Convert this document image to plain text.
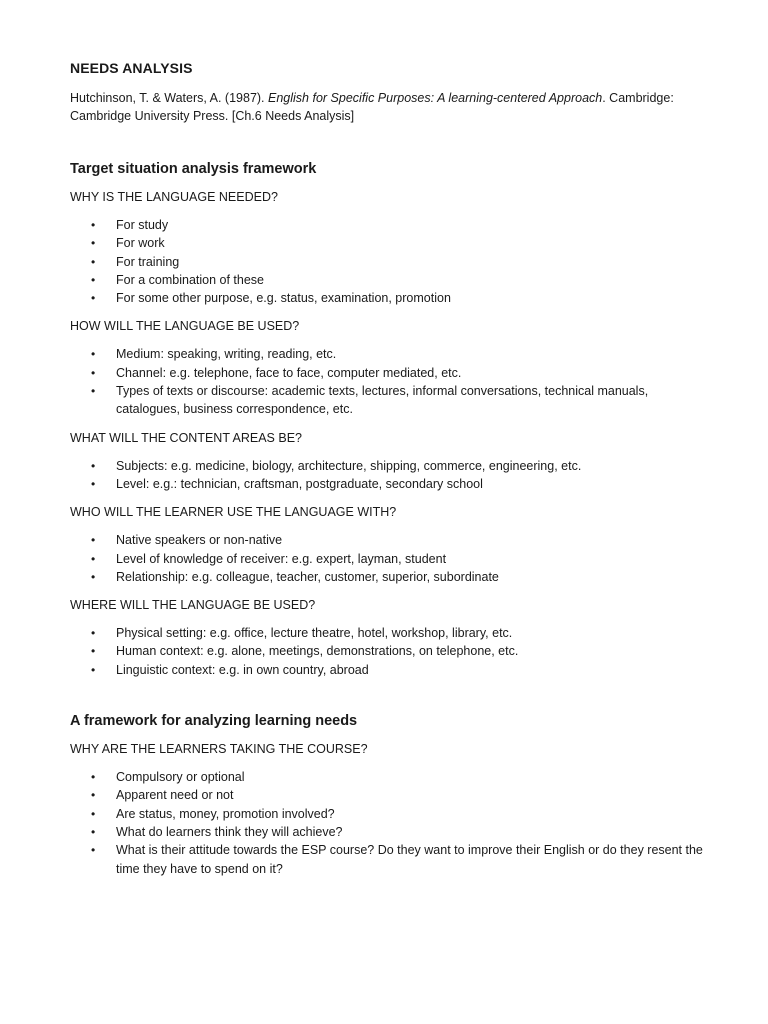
NEEDS ANALYSIS
Hutchinson, T. & Waters, A. (1987). English for Specific Purposes: A learning-centered Approach. Cambridge: Cambridge University Press. [Ch.6 Needs Analysis]
Target situation analysis framework
WHY IS THE LANGUAGE NEEDED?
• For study
• For work
• For training
• For a combination of these
• For some other purpose, e.g. status, examination, promotion
HOW WILL THE LANGUAGE BE USED?
• Medium: speaking, writing, reading, etc.
• Channel: e.g. telephone, face to face, computer mediated, etc.
• Types of texts or discourse: academic texts, lectures, informal conversations, technical manuals, catalogues, business correspondence, etc.
WHAT WILL THE CONTENT AREAS BE?
• Subjects: e.g. medicine, biology, architecture, shipping, commerce, engineering, etc.
• Level: e.g.: technician, craftsman, postgraduate, secondary school
WHO WILL THE LEARNER USE THE LANGUAGE WITH?
• Native speakers or non-native
• Level of knowledge of receiver: e.g. expert, layman, student
• Relationship: e.g. colleague, teacher, customer, superior, subordinate
WHERE WILL THE LANGUAGE BE USED?
• Physical setting: e.g. office, lecture theatre, hotel, workshop, library, etc.
• Human context: e.g. alone, meetings, demonstrations, on telephone, etc.
• Linguistic context: e.g. in own country, abroad
A framework for analyzing learning needs
WHY ARE THE LEARNERS TAKING THE COURSE?
• Compulsory or optional
• Apparent need or not
• Are status, money, promotion involved?
• What do learners think they will achieve?
• What is their attitude towards the ESP course? Do they want to improve their English or do they resent the time they have to spend on it?
